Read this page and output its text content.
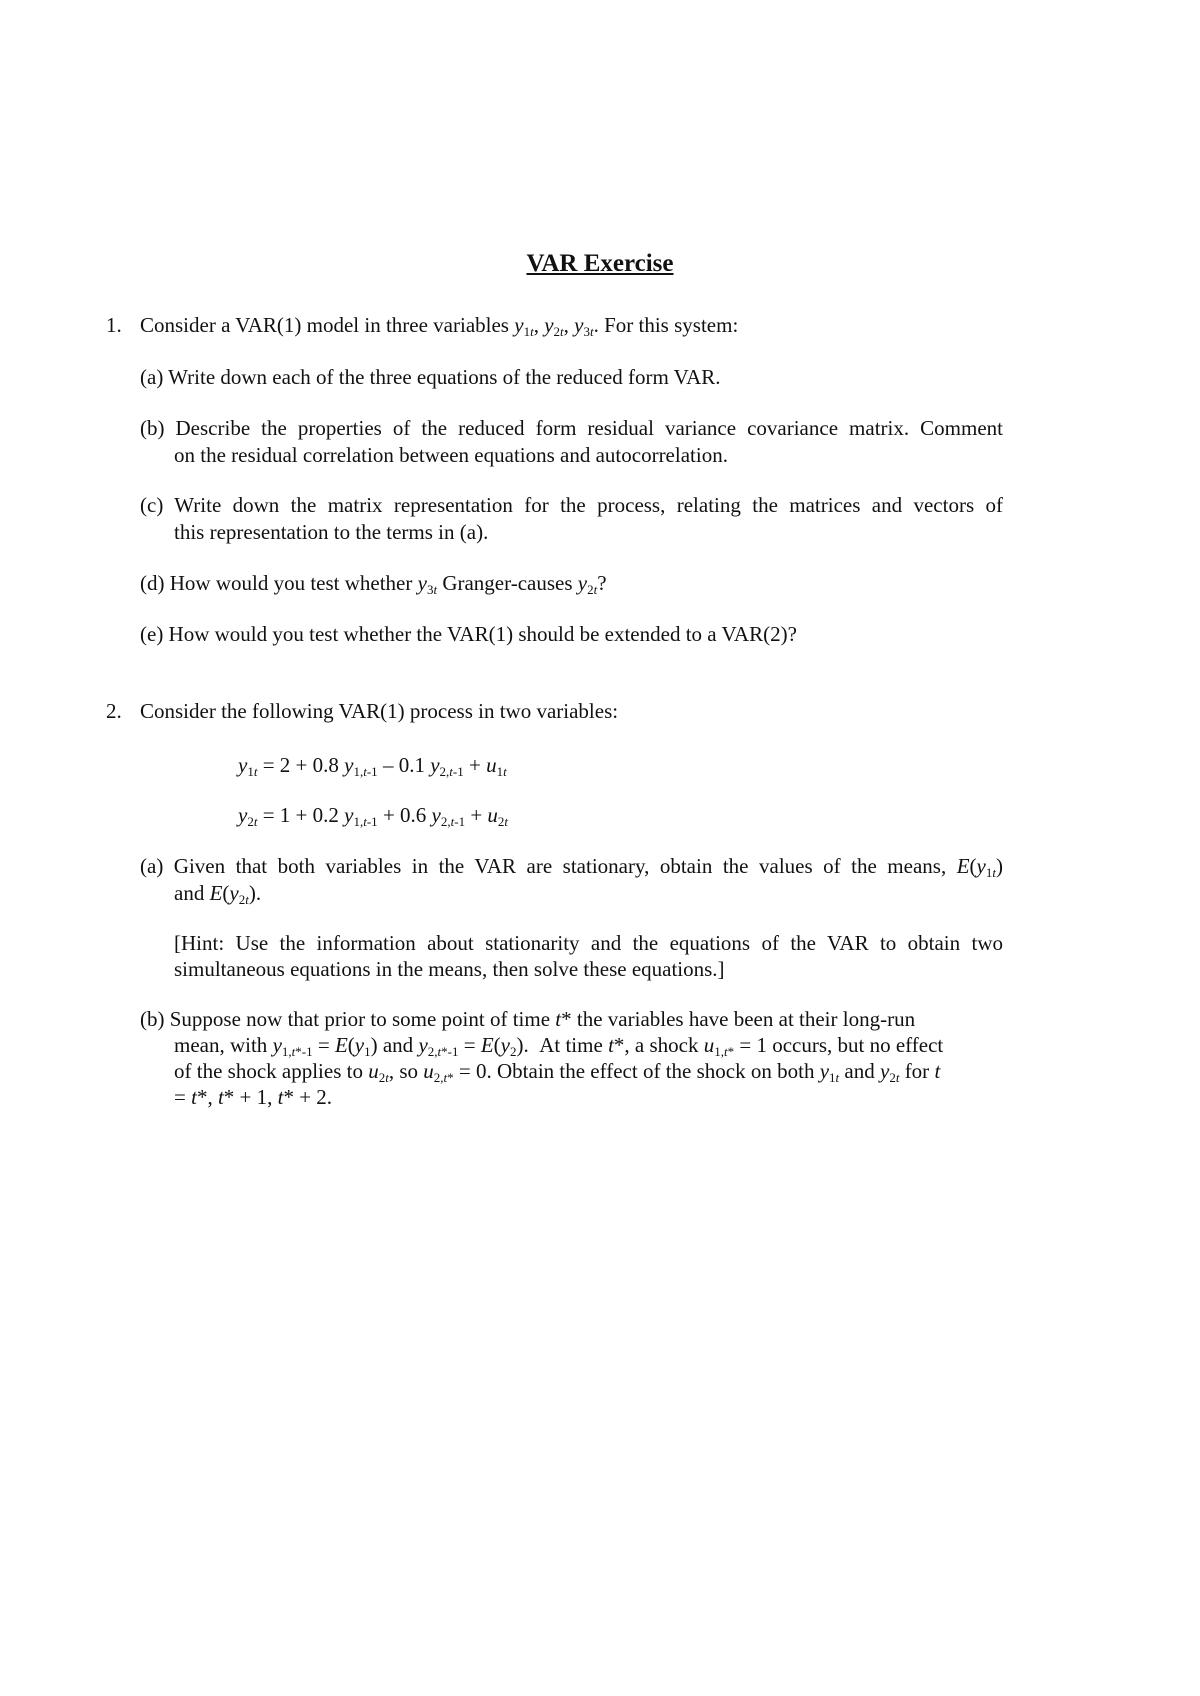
VAR Exercise
1. Consider a VAR(1) model in three variables $y_{1t}$, $y_{2t}$, $y_{3t}$. For this system:
(a) Write down each of the three equations of the reduced form VAR.
(b) Describe the properties of the reduced form residual variance covariance matrix. Comment
on the residual correlation between equations and autocorrelation.
(c) Write down the matrix representation for the process, relating the matrices and vectors of
this representation to the terms in (a).
(d) How would you test whether $y_{3t}$ Granger-causes $y_{2t}$?
(e) How would you test whether the VAR(1) should be extended to a VAR(2)?
2. Consider the following VAR(1) process in two variables:
$y_{1t} = 2 + 0.8$ $y_{1,t-1} - 0.1$ $y_{2,t-1} + u_{1t}$
$y_{2t} = 1 + 0.2$ $y_{1,t-1} + 0.6$ $y_{2,t-1} + u_{2t}$
(a) Given that both variables in the VAR are stationary, obtain the values of the means, $E(y_{1t})$
and $E(y_{2t})$.
[Hint: Use the information about stationarity and the equations of the VAR to obtain two
simultaneous equations in the means, then solve these equations.]
(b) Suppose now that prior to some point of time t* the variables have been at their long-run
mean, with $y_{1,t*-1} = E(y_1)$ and $y_{2,t*-1} = E(y_2)$.  At time t*, a shock $u_{1,t*} = 1$ occurs, but no effect
of the shock applies to $u_{2t}$, so $u_{2,t*} = 0$. Obtain the effect of the shock on both $y_{1t}$ and $y_{2t}$ for t
= t*, t* + 1, t* + 2.
